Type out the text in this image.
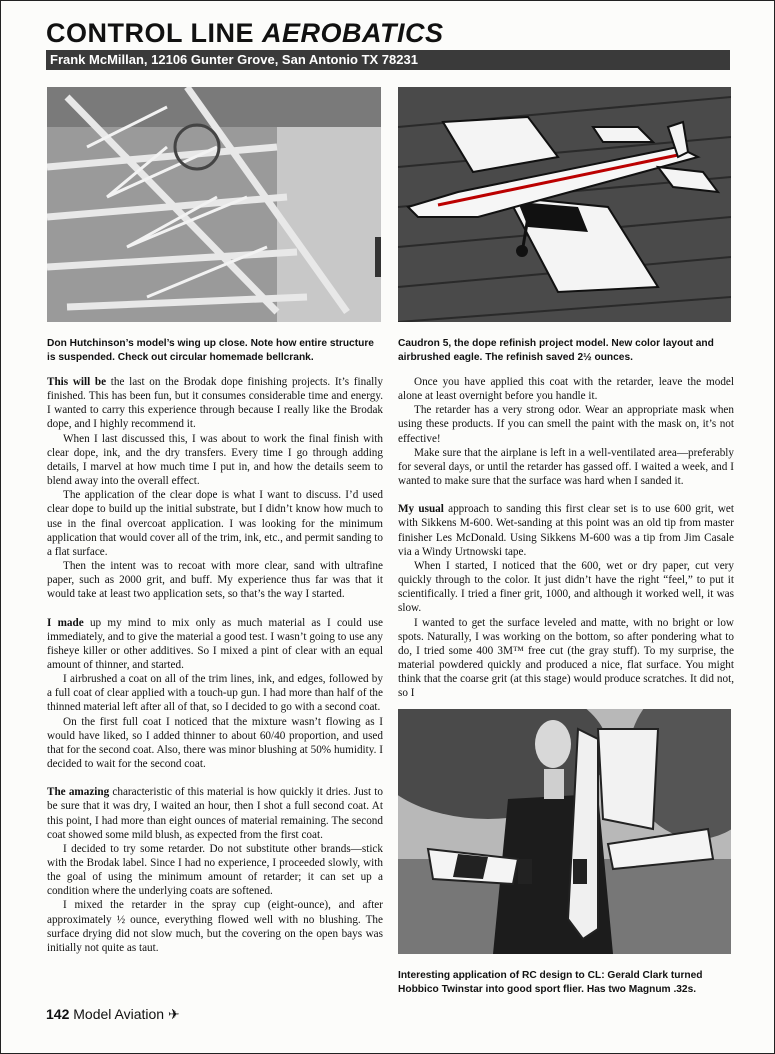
CONTROL LINE AEROBATICS
Frank McMillan, 12106 Gunter Grove, San Antonio TX 78231
Don Hutchinson’s model’s wing up close. Note how entire structure is suspended. Check out circular homemade bellcrank.
Caudron 5, the dope refinish project model. New color layout and airbrushed eagle. The refinish saved 2½ ounces.

This will be the last on the Brodak dope finishing projects. It’s finally finished. This has been fun, but it consumes considerable time and energy. I wanted to carry this experience through because I really like the Brodak dope, and I highly recommend it.

When I last discussed this, I was about to work the final finish with clear dope, ink, and the dry transfers. Every time I go through adding details, I marvel at how much time I put in, and how the details seem to blend away into the overall effect.

The application of the clear dope is what I want to discuss. I’d used clear dope to build up the initial substrate, but I didn’t know how much to use in the final overcoat application. I was looking for the minimum application that would cover all of the trim, ink, etc., and permit sanding to a flat surface.

Then the intent was to recoat with more clear, sand with ultrafine paper, such as 2000 grit, and buff. My experience thus far was that it would take at least two application sets, so that’s the way I started.

I made up my mind to mix only as much material as I could use immediately, and to give the material a good test. I wasn’t going to use any fisheye killer or other additives. So I mixed a pint of clear with an equal amount of thinner, and started.

I airbrushed a coat on all of the trim lines, ink, and edges, followed by a full coat of clear applied with a touch-up gun. I had more than half of the thinned material left after all of that, so I decided to go with a second coat.

On the first full coat I noticed that the mixture wasn’t flowing as I would have liked, so I added thinner to about 60/40 proportion, and used that for the second coat. Also, there was minor blushing at 50% humidity. I decided to wait for the second coat.

The amazing characteristic of this material is how quickly it dries. Just to be sure that it was dry, I waited an hour, then I shot a full second coat. At this point, I had more than eight ounces of material remaining. The second coat showed some mild blush, as expected from the first coat.

I decided to try some retarder. Do not substitute other brands—stick with the Brodak label. Since I had no experience, I proceeded slowly, with the goal of using the minimum amount of retarder; it can set up a condition where the underlying coats are softened.

I mixed the retarder in the spray cup (eight-ounce), and after approximately ½ ounce, everything flowed well with no blushing. The surface drying did not slow much, but the covering on the open bays was initially not quite as taut.

Once you have applied this coat with the retarder, leave the model alone at least overnight before you handle it.

The retarder has a very strong odor. Wear an appropriate mask when using these products. If you can smell the paint with the mask on, it’s not effective!

Make sure that the airplane is left in a well-ventilated area—preferably for several days, or until the retarder has gassed off. I waited a week, and I wanted to make sure that the surface was hard when I sanded it.

My usual approach to sanding this first clear set is to use 600 grit, wet with Sikkens M-600. Wet-sanding at this point was an old tip from master finisher Les McDonald. Using Sikkens M-600 was a tip from Jim Casale via a Windy Urtnowski tape.

When I started, I noticed that the 600, wet or dry paper, cut very quickly through to the color. It just didn’t have the right “feel,” to put it scientifically. I tried a finer grit, 1000, and although it worked well, it was slow.

I wanted to get the surface leveled and matte, with no bright or low spots. Naturally, I was working on the bottom, so after pondering what to do, I tried some 400 3M™ free cut (the gray stuff). To my surprise, the material powdered quickly and produced a nice, flat surface. You might think that the coarse grit (at this stage) would produce scratches. It did not, so I

Interesting application of RC design to CL: Gerald Clark turned Hobbico Twinstar into good sport flier. Has two Magnum .32s.
142 Model Aviation ✈
